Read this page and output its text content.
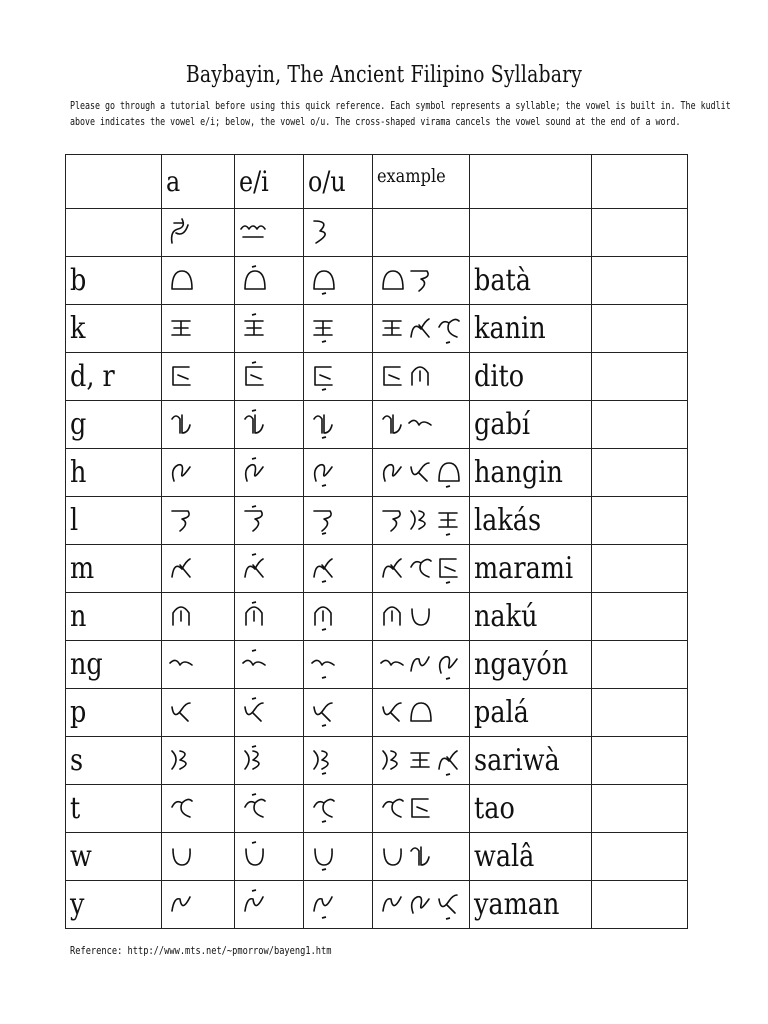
Baybayin, The Ancient Filipino Syllabary
Please go through a tutorial before using this quick reference. Each symbol represents a syllable; the vowel is built in. The kudlit
above indicates the vowel e/i; below, the vowel o/u. The cross-shaped virama cancels the vowel sound at the end of a word.
	a	e/i	o/u	example		

b					batà	
k					kanin	
d, r					dito	
g					gabí	
h					hangin	
l					lakás	
m					marami	
n					nakú	
ng					ngayón	
p					palá	
s					sariwà	
t					tao	
w					walâ	
y					yaman	
Reference: http://www.mts.net/~pmorrow/bayeng1.htm
